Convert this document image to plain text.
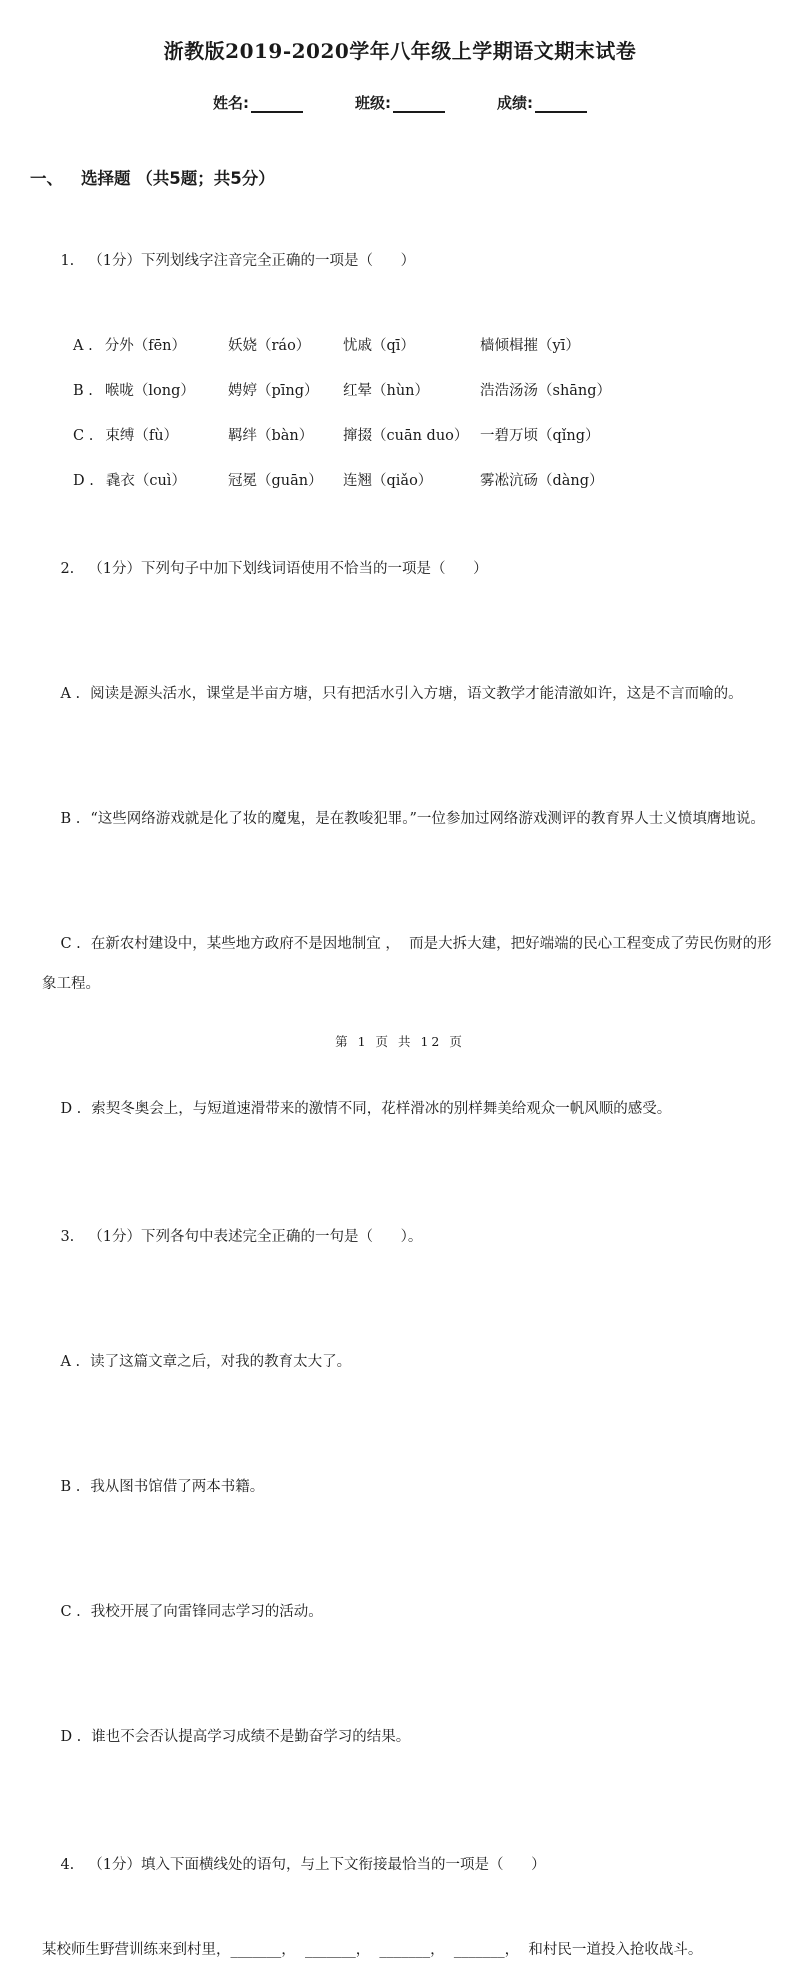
浙教版2019-2020学年八年级上学期语文期末试卷
姓名:	班级:	成绩:
一、 选择题 （共5题；共5分）

1. （1分）下列划线字注音完全正确的一项是（      ）

A . 分外（fēn）	妖娆（ráo）	忧戚（qī）	樯倾楫摧（yī）
B . 喉咙（long）	娉婷（pīng）	红晕（hùn）	浩浩汤汤（shāng）
C . 束缚（fù）	羁绊（bàn）	撺掇（cuān duo） 一碧万顷（qǐng）
D . 毳衣（cuì）	冠冕（guān）	连翘（qiǎo）	雾凇沆砀（dàng）

2. （1分）下列句子中加下划线词语使用不恰当的一项是（      ）

A . 阅读是源头活水，课堂是半亩方塘，只有把活水引入方塘，语文教学才能清澈如许，这是不言而喻的。

B . “这些网络游戏就是化了妆的魔鬼，是在教唆犯罪。”一位参加过网络游戏测评的教育界人士义愤填膺地说。

C . 在新农村建设中，某些地方政府不是因地制宜 ，  而是大拆大建，把好端端的民心工程变成了劳民伤财的形象工程。

D . 索契冬奥会上，与短道速滑带来的激情不同，花样滑冰的别样舞美给观众一帆风顺的感受。

3. （1分）下列各句中表述完全正确的一句是（      ）。

A . 读了这篇文章之后，对我的教育太大了。

B . 我从图书馆借了两本书籍。

C . 我校开展了向雷锋同志学习的活动。

D . 谁也不会否认提高学习成绩不是勤奋学习的结果。

4. （1分）填入下面横线处的语句，与上下文衔接最恰当的一项是（      ）

某校师生野营训练来到村里，_______，  _______，  _______，  _______，  和村民一道投入抢收战斗。

第 1 页 共 12 页
